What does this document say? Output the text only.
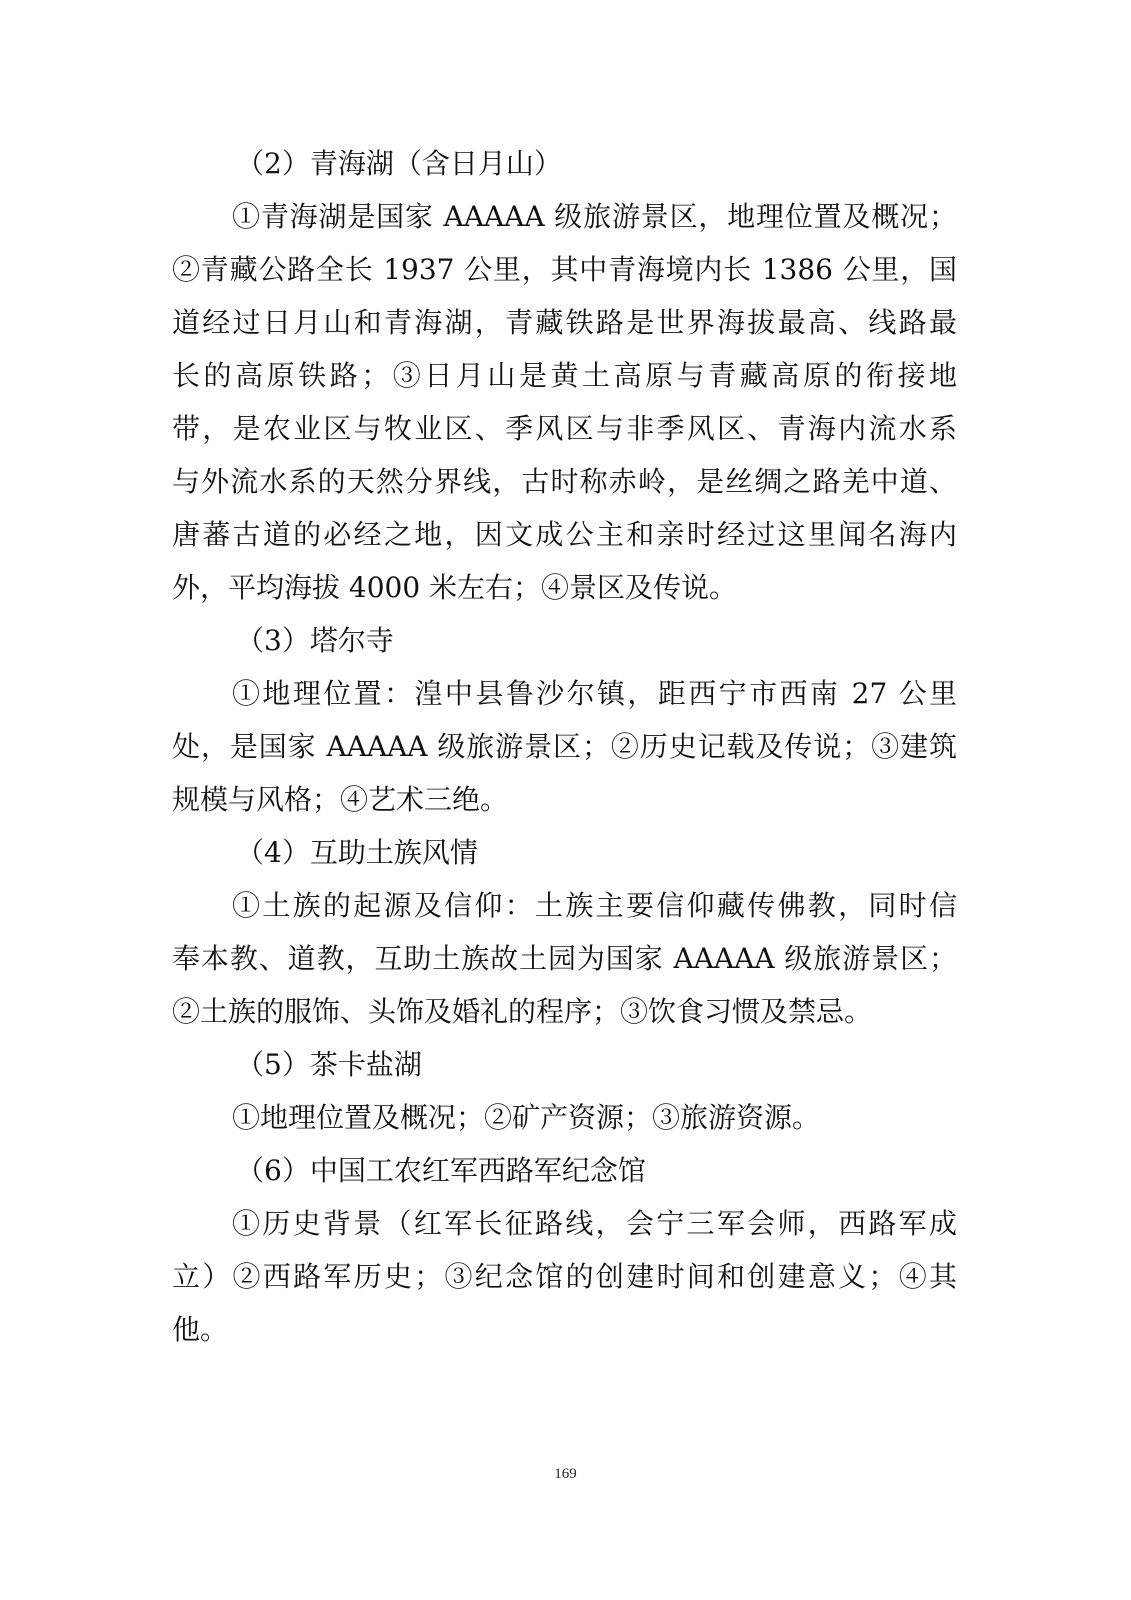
（2）青海湖（含日月山）
①青海湖是国家 AAAAA 级旅游景区，地理位置及概况；
②青藏公路全长 1937 公里，其中青海境内长 1386 公里，国
道经过日月山和青海湖，青藏铁路是世界海拔最高、线路最
长的高原铁路；③日月山是黄土高原与青藏高原的衔接地
带，是农业区与牧业区、季风区与非季风区、青海内流水系
与外流水系的天然分界线，古时称赤岭，是丝绸之路羌中道、
唐蕃古道的必经之地，因文成公主和亲时经过这里闻名海内
外，平均海拔 4000 米左右；④景区及传说。
（3）塔尔寺
①地理位置：湟中县鲁沙尔镇，距西宁市西南 27 公里
处，是国家 AAAAA 级旅游景区；②历史记载及传说；③建筑
规模与风格；④艺术三绝。
（4）互助土族风情
①土族的起源及信仰：土族主要信仰藏传佛教，同时信
奉本教、道教，互助土族故土园为国家 AAAAA 级旅游景区；
②土族的服饰、头饰及婚礼的程序；③饮食习惯及禁忌。
（5）茶卡盐湖
①地理位置及概况；②矿产资源；③旅游资源。
（6）中国工农红军西路军纪念馆
①历史背景（红军长征路线，会宁三军会师，西路军成
立）②西路军历史；③纪念馆的创建时间和创建意义；④其
他。
169
